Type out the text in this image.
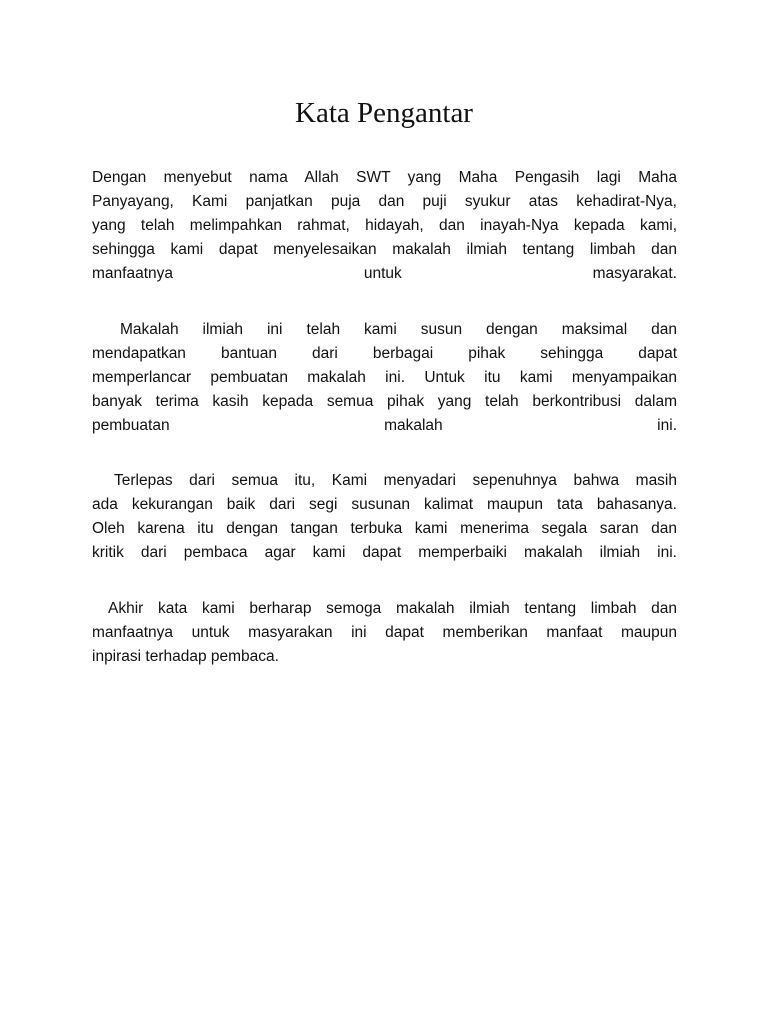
Kata Pengantar
Dengan menyebut nama Allah SWT yang Maha Pengasih lagi Maha
Panyayang, Kami panjatkan puja dan puji syukur atas kehadirat-Nya,
yang telah melimpahkan rahmat, hidayah, dan inayah-Nya kepada kami,
sehingga kami dapat menyelesaikan makalah ilmiah tentang limbah dan
manfaatnya untuk masyarakat.
Makalah ilmiah ini telah kami susun dengan maksimal dan
mendapatkan bantuan dari berbagai pihak sehingga dapat
memperlancar pembuatan makalah ini. Untuk itu kami menyampaikan
banyak terima kasih kepada semua pihak yang telah berkontribusi dalam
pembuatan makalah ini.
Terlepas dari semua itu, Kami menyadari sepenuhnya bahwa masih
ada kekurangan baik dari segi susunan kalimat maupun tata bahasanya.
Oleh karena itu dengan tangan terbuka kami menerima segala saran dan
kritik dari pembaca agar kami dapat memperbaiki makalah ilmiah ini.
Akhir kata kami berharap semoga makalah ilmiah tentang limbah dan
manfaatnya untuk masyarakan ini dapat memberikan manfaat maupun
inpirasi terhadap pembaca.
